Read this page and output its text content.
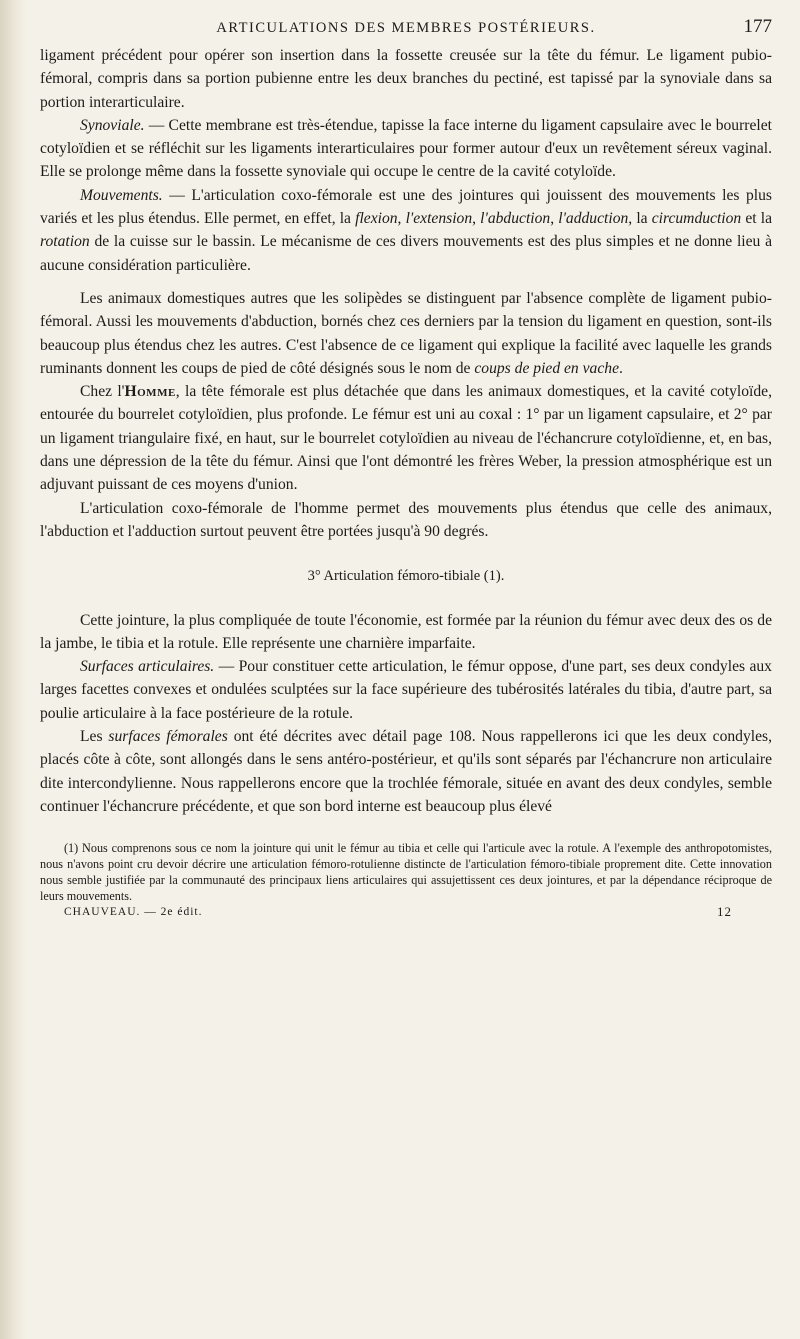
ARTICULATIONS DES MEMBRES POSTÉRIEURS.	177

ligament précédent pour opérer son insertion dans la fossette creusée sur la tête du fémur. Le ligament pubio-fémoral, compris dans sa portion pubienne entre les deux branches du pectiné, est tapissé par la synoviale dans sa portion interarticulaire.

Synoviale. — Cette membrane est très-étendue, tapisse la face interne du ligament capsulaire avec le bourrelet cotyloïdien et se réfléchit sur les ligaments interarticulaires pour former autour d'eux un revêtement séreux vaginal. Elle se prolonge même dans la fossette synoviale qui occupe le centre de la cavité cotyloïde.

Mouvements. — L'articulation coxo-fémorale est une des jointures qui jouissent des mouvements les plus variés et les plus étendus. Elle permet, en effet, la flexion, l'extension, l'abduction, l'adduction, la circumduction et la rotation de la cuisse sur le bassin. Le mécanisme de ces divers mouvements est des plus simples et ne donne lieu à aucune considération particulière.

Les animaux domestiques autres que les solipèdes se distinguent par l'absence complète de ligament pubio-fémoral. Aussi les mouvements d'abduction, bornés chez ces derniers par la tension du ligament en question, sont-ils beaucoup plus étendus chez les autres. C'est l'absence de ce ligament qui explique la facilité avec laquelle les grands ruminants donnent les coups de pied de côté désignés sous le nom de coups de pied en vache.

Chez l'Homme, la tête fémorale est plus détachée que dans les animaux domestiques, et la cavité cotyloïde, entourée du bourrelet cotyloïdien, plus profonde. Le fémur est uni au coxal : 1° par un ligament capsulaire, et 2° par un ligament triangulaire fixé, en haut, sur le bourrelet cotyloïdien au niveau de l'échancrure cotyloïdienne, et, en bas, dans une dépression de la tête du fémur. Ainsi que l'ont démontré les frères Weber, la pression atmosphérique est un adjuvant puissant de ces moyens d'union.

L'articulation coxo-fémorale de l'homme permet des mouvements plus étendus que celle des animaux, l'abduction et l'adduction surtout peuvent être portées jusqu'à 90 degrés.

3° Articulation fémoro-tibiale (1).

Cette jointure, la plus compliquée de toute l'économie, est formée par la réunion du fémur avec deux des os de la jambe, le tibia et la rotule. Elle représente une charnière imparfaite.

Surfaces articulaires. — Pour constituer cette articulation, le fémur oppose, d'une part, ses deux condyles aux larges facettes convexes et ondulées sculptées sur la face supérieure des tubérosités latérales du tibia, d'autre part, sa poulie articulaire à la face postérieure de la rotule.

Les surfaces fémorales ont été décrites avec détail page 108. Nous rappellerons ici que les deux condyles, placés côte à côte, sont allongés dans le sens antéro-postérieur, et qu'ils sont séparés par l'échancrure non articulaire dite intercondylienne. Nous rappellerons encore que la trochlée fémorale, située en avant des deux condyles, semble continuer l'échancrure précédente, et que son bord interne est beaucoup plus élevé

(1) Nous comprenons sous ce nom la jointure qui unit le fémur au tibia et celle qui l'articule avec la rotule. A l'exemple des anthropotomistes, nous n'avons point cru devoir décrire une articulation fémoro-rotulienne distincte de l'articulation fémoro-tibiale proprement dite. Cette innovation nous semble justifiée par la communauté des principaux liens articulaires qui assujettissent ces deux jointures, et par la dépendance réciproque de leurs mouvements.

CHAUVEAU. — 2e édit.	12
